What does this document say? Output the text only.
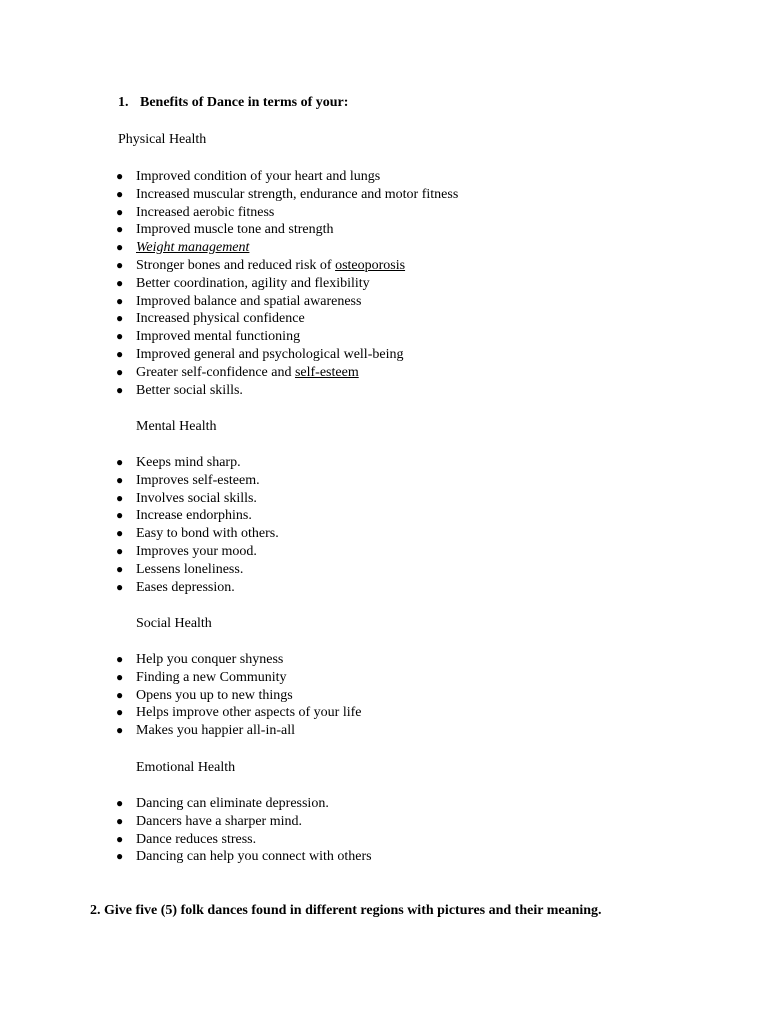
1. Benefits of Dance in terms of your:
Physical Health
● Improved condition of your heart and lungs
● Increased muscular strength, endurance and motor fitness
● Increased aerobic fitness
● Improved muscle tone and strength
● Weight management
● Stronger bones and reduced risk of osteoporosis
● Better coordination, agility and flexibility
● Improved balance and spatial awareness
● Increased physical confidence
● Improved mental functioning
● Improved general and psychological well-being
● Greater self-confidence and self-esteem
● Better social skills.
Mental Health
● Keeps mind sharp.
● Improves self-esteem.
● Involves social skills.
● Increase endorphins.
● Easy to bond with others.
● Improves your mood.
● Lessens loneliness.
● Eases depression.
Social Health
● Help you conquer shyness
● Finding a new Community
● Opens you up to new things
● Helps improve other aspects of your life
● Makes you happier all-in-all
Emotional Health
● Dancing can eliminate depression.
● Dancers have a sharper mind.
● Dance reduces stress.
● Dancing can help you connect with others
2. Give five (5) folk dances found in different regions with pictures and their meaning.
